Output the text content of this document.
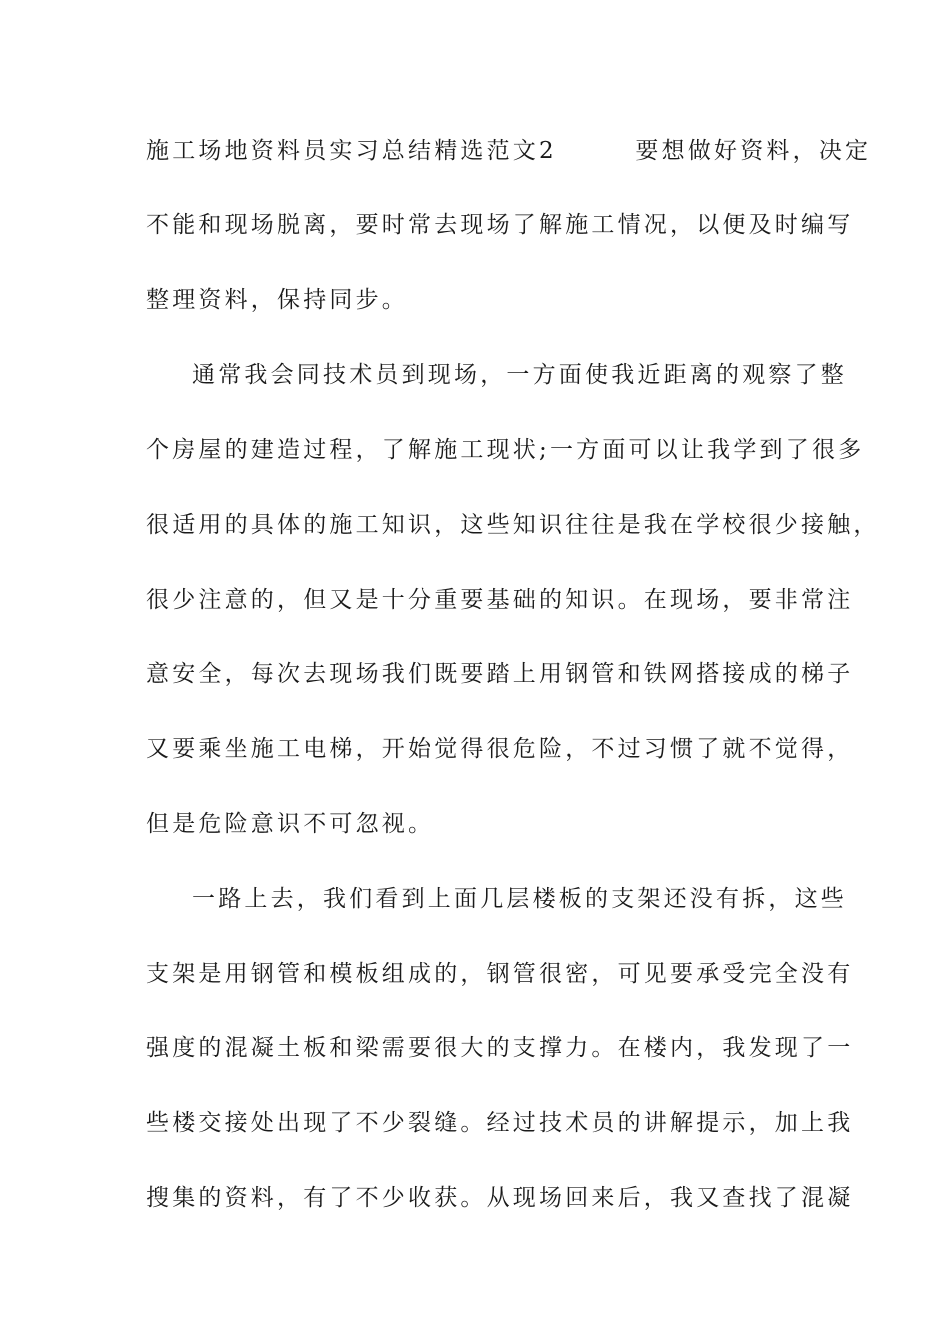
施工场地资料员实习总结精选范文2　　　要想做好资料，决定
不能和现场脱离，要时常去现场了解施工情况，以便及时编写
整理资料，保持同步。
通常我会同技术员到现场，一方面使我近距离的观察了整
个房屋的建造过程，了解施工现状;一方面可以让我学到了很多
很适用的具体的施工知识，这些知识往往是我在学校很少接触，
很少注意的，但又是十分重要基础的知识。在现场，要非常注
意安全，每次去现场我们既要踏上用钢管和铁网搭接成的梯子
又要乘坐施工电梯，开始觉得很危险，不过习惯了就不觉得，
但是危险意识不可忽视。
一路上去，我们看到上面几层楼板的支架还没有拆，这些
支架是用钢管和模板组成的，钢管很密，可见要承受完全没有
强度的混凝土板和梁需要很大的支撑力。在楼内，我发现了一
些楼交接处出现了不少裂缝。经过技术员的讲解提示，加上我
搜集的资料，有了不少收获。从现场回来后，我又查找了混凝
